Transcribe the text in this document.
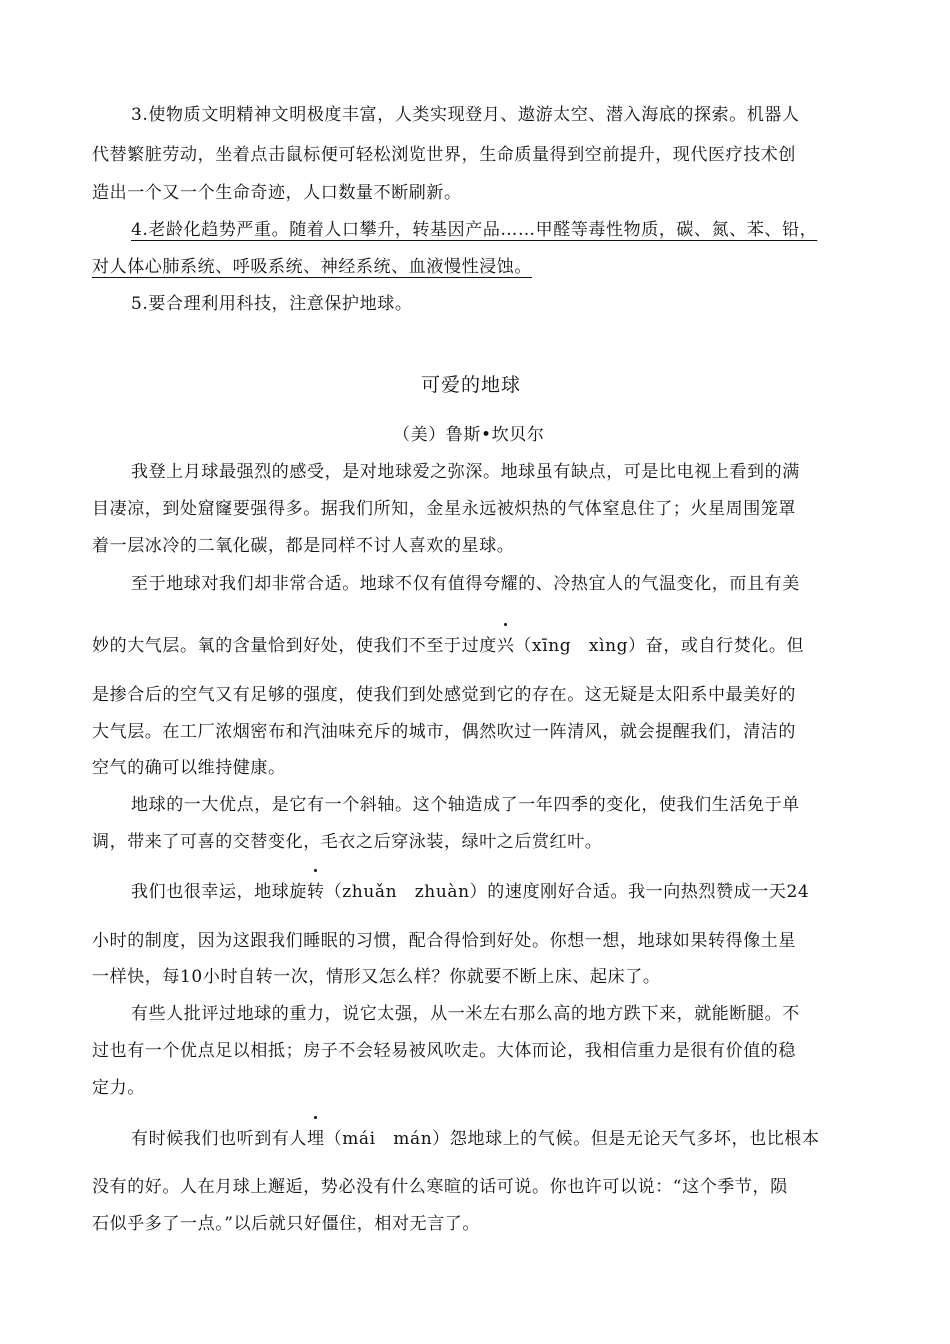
3.使物质文明精神文明极度丰富，人类实现登月、遨游太空、潜入海底的探索。机器人
代替繁脏劳动，坐着点击鼠标便可轻松浏览世界，生命质量得到空前提升，现代医疗技术创
造出一个又一个生命奇迹，人口数量不断刷新。
4.老龄化趋势严重。随着人口攀升，转基因产品……甲醛等毒性物质，碳、氮、苯、铅，
对人体心肺系统、呼吸系统、神经系统、血液慢性浸蚀。
5.要合理利用科技，注意保护地球。
可爱的地球
（美）鲁斯•坎贝尔
我登上月球最强烈的感受，是对地球爱之弥深。地球虽有缺点，可是比电视上看到的满
目凄凉，到处窟窿要强得多。据我们所知，金星永远被炽热的气体窒息住了；火星周围笼罩
着一层冰冷的二氧化碳，都是同样不讨人喜欢的星球。
至于地球对我们却非常合适。地球不仅有值得夸耀的、冷热宜人的气温变化，而且有美
妙的大气层。氧的含量恰到好处，使我们不至于过度兴（xīng　xìng）奋，或自行焚化。但
是掺合后的空气又有足够的强度，使我们到处感觉到它的存在。这无疑是太阳系中最美好的
大气层。在工厂浓烟密布和汽油味充斥的城市，偶然吹过一阵清风，就会提醒我们，清洁的
空气的确可以维持健康。
地球的一大优点，是它有一个斜轴。这个轴造成了一年四季的变化，使我们生活免于单
调，带来了可喜的交替变化，毛衣之后穿泳装，绿叶之后赏红叶。
我们也很幸运，地球旋转（zhuǎn　zhuàn）的速度刚好合适。我一向热烈赞成一天24
小时的制度，因为这跟我们睡眠的习惯，配合得恰到好处。你想一想，地球如果转得像土星
一样快，每10小时自转一次，情形又怎么样？你就要不断上床、起床了。
有些人批评过地球的重力，说它太强，从一米左右那么高的地方跌下来，就能断腿。不
过也有一个优点足以相抵；房子不会轻易被风吹走。大体而论，我相信重力是很有价值的稳
定力。
有时候我们也听到有人埋（mái　mán）怨地球上的气候。但是无论天气多坏，也比根本
没有的好。人在月球上邂逅，势必没有什么寒暄的话可说。你也许可以说：“这个季节，陨
石似乎多了一点。”以后就只好僵住，相对无言了。
